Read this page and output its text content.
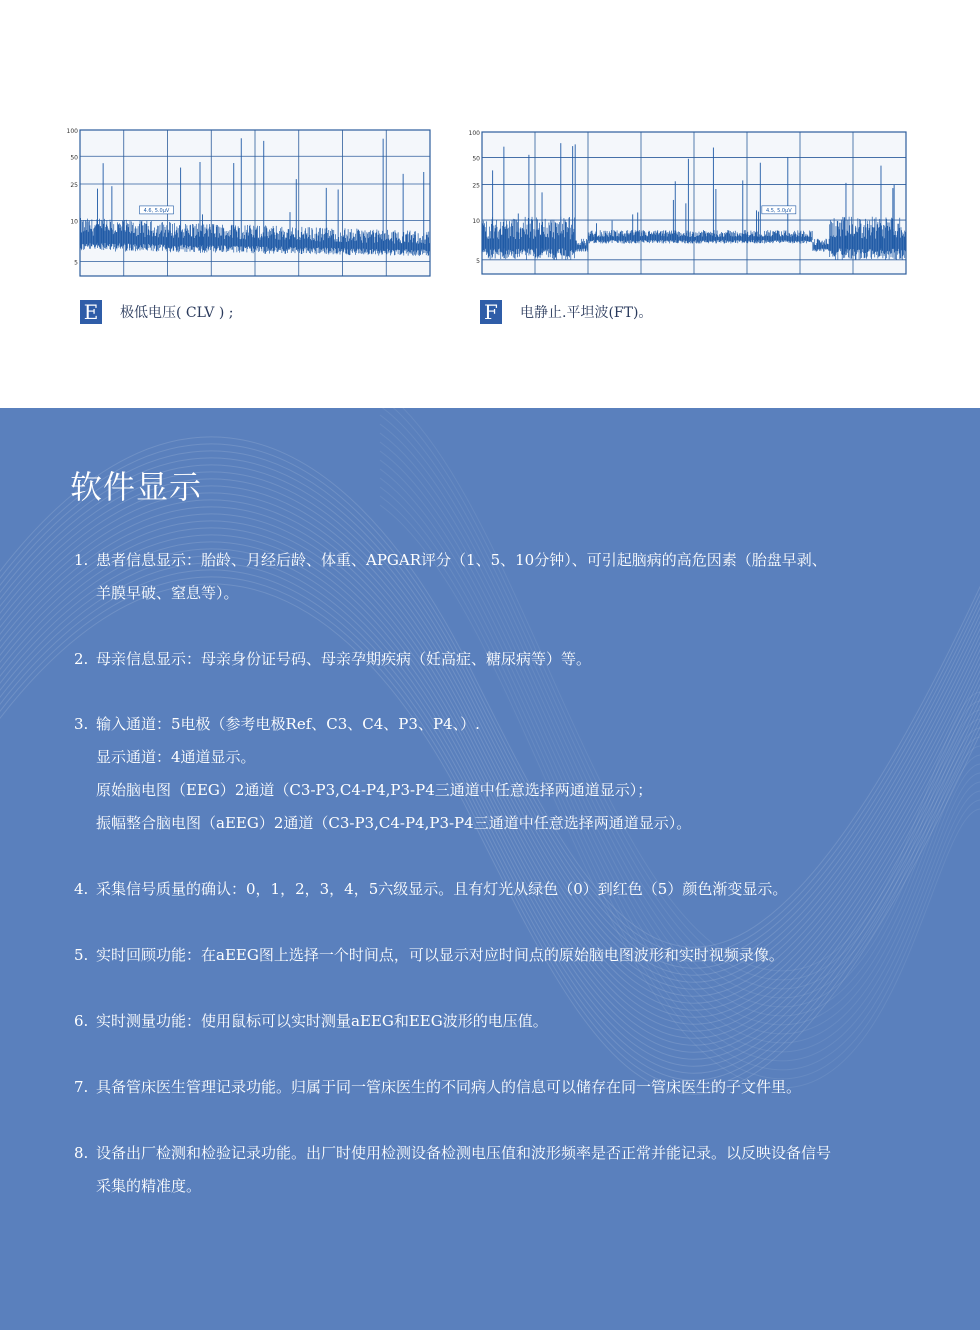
100
50
25
10
5
4.6, 5.0μV
100
50
25
10
5
4.5, 5.0μV
E 极低电压( CLV ) ;	F 电静止.平坦波(FT)。
软件显示
1. 患者信息显示：胎龄、月经后龄、体重、APGAR评分（1、5、10分钟）、可引起脑病的高危因素（胎盘早剥、
羊膜早破、窒息等）。
2. 母亲信息显示：母亲身份证号码、母亲孕期疾病（妊高症、糖尿病等）等。
3. 输入通道：5电极（参考电极Ref、C3、C4、P3、P4、）.
显示通道：4通道显示。
原始脑电图（EEG）2通道（C3-P3,C4-P4,P3-P4三通道中任意选择两通道显示）；
振幅整合脑电图（aEEG）2通道（C3-P3,C4-P4,P3-P4三通道中任意选择两通道显示）。
4. 采集信号质量的确认：0，1，2，3，4，5六级显示。且有灯光从绿色（0）到红色（5）颜色渐变显示。
5. 实时回顾功能：在aEEG图上选择一个时间点，可以显示对应时间点的原始脑电图波形和实时视频录像。
6. 实时测量功能：使用鼠标可以实时测量aEEG和EEG波形的电压值。
7. 具备管床医生管理记录功能。归属于同一管床医生的不同病人的信息可以储存在同一管床医生的子文件里。
8. 设备出厂检测和检验记录功能。出厂时使用检测设备检测电压值和波形频率是否正常并能记录。以反映设备信号
采集的精准度。
